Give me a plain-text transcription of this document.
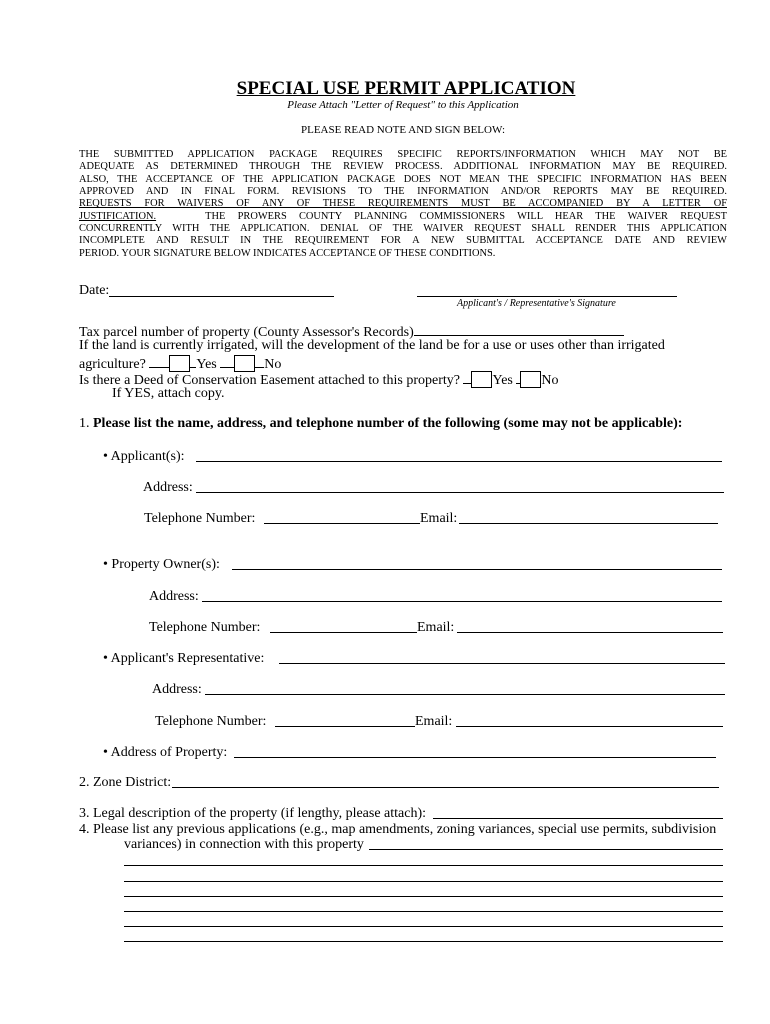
SPECIAL USE PERMIT APPLICATION
Please Attach "Letter of Request" to this Application
PLEASE READ NOTE AND SIGN BELOW:
THE SUBMITTED APPLICATION PACKAGE REQUIRES SPECIFIC REPORTS/INFORMATION WHICH MAY NOT BE
ADEQUATE AS DETERMINED THROUGH THE REVIEW PROCESS. ADDITIONAL INFORMATION MAY BE REQUIRED.
ALSO, THE ACCEPTANCE OF THE APPLICATION PACKAGE DOES NOT MEAN THE SPECIFIC INFORMATION HAS BEEN
APPROVED AND IN FINAL FORM. REVISIONS TO THE INFORMATION AND/OR REPORTS MAY BE REQUIRED.
REQUESTS FOR WAIVERS OF ANY OF THESE REQUIREMENTS MUST BE ACCOMPANIED BY A LETTER OF
JUSTIFICATION.	THE PROWERS COUNTY PLANNING COMMISSIONERS WILL HEAR THE WAIVER REQUEST
CONCURRENTLY WITH THE APPLICATION. DENIAL OF THE WAIVER REQUEST SHALL RENDER THIS APPLICATION
INCOMPLETE AND RESULT IN THE REQUIREMENT FOR A NEW SUBMITTAL ACCEPTANCE DATE AND REVIEW
PERIOD. YOUR SIGNATURE BELOW INDICATES ACCEPTANCE OF THESE CONDITIONS.
Date:
Applicant's / Representative's Signature
Tax parcel number of property (County Assessor's Records)
If the land is currently irrigated, will the development of the land be for a use or uses other than irrigated
agriculture?	Yes	No
Is there a Deed of Conservation Easement attached to this property? Yes No
If YES, attach copy.
1. Please list the name, address, and telephone number of the following (some may not be applicable):
• Applicant(s):
Address:
Telephone Number:	Email:
• Property Owner(s):
Address:
Telephone Number:	Email:
• Applicant's Representative:
Address:
Telephone Number:	Email:
• Address of Property:
2. Zone District:
3. Legal description of the property (if lengthy, please attach):
4. Please list any previous applications (e.g., map amendments, zoning variances, special use permits, subdivision
variances) in connection with this property
